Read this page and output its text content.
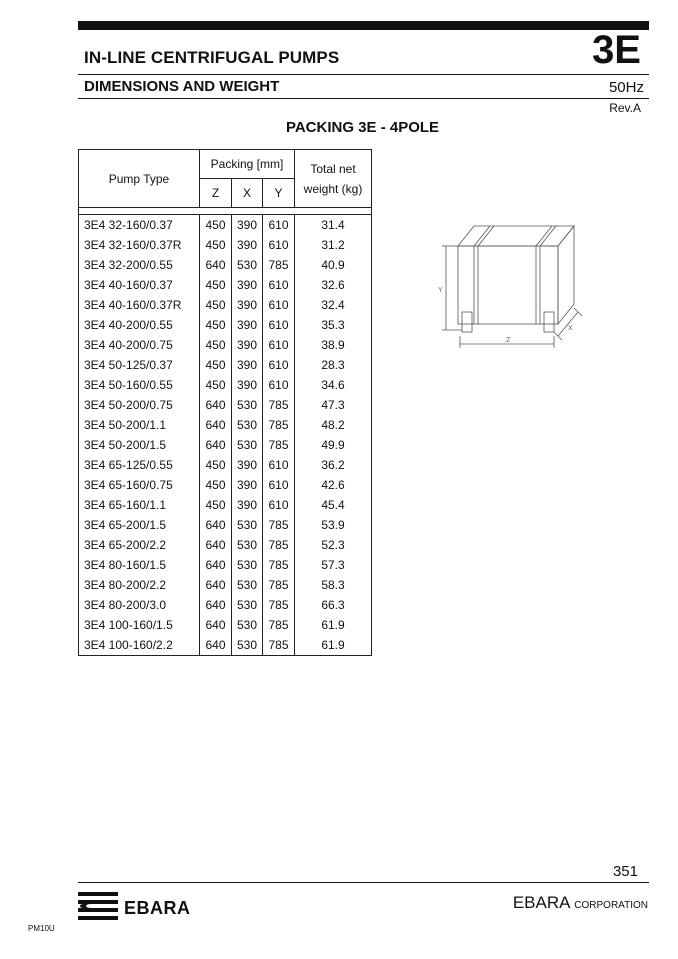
IN-LINE CENTRIFUGAL PUMPS	3E
DIMENSIONS AND WEIGHT	50Hz
Rev.A
PACKING 3E - 4POLE
Pump Type	Packing [mm]			Total net
weight (kg)
	Z	X	Y	

3E4 32-160/0.37	450	390	610	31.4
3E4 32-160/0.37R	450	390	610	31.2
3E4 32-200/0.55	640	530	785	40.9
3E4 40-160/0.37	450	390	610	32.6
3E4 40-160/0.37R	450	390	610	32.4
3E4 40-200/0.55	450	390	610	35.3
3E4 40-200/0.75	450	390	610	38.9
3E4 50-125/0.37	450	390	610	28.3
3E4 50-160/0.55	450	390	610	34.6
3E4 50-200/0.75	640	530	785	47.3
3E4 50-200/1.1	640	530	785	48.2
3E4 50-200/1.5	640	530	785	49.9
3E4 65-125/0.55	450	390	610	36.2
3E4 65-160/0.75	450	390	610	42.6
3E4 65-160/1.1	450	390	610	45.4
3E4 65-200/1.5	640	530	785	53.9
3E4 65-200/2.2	640	530	785	52.3
3E4 80-160/1.5	640	530	785	57.3
3E4 80-200/2.2	640	530	785	58.3
3E4 80-200/3.0	640	530	785	66.3
3E4 100-160/1.5	640	530	785	61.9
3E4 100-160/2.2	640	530	785	61.9
Y
Z
X
351
EBARA	EBARA CORPORATION
PM10U
